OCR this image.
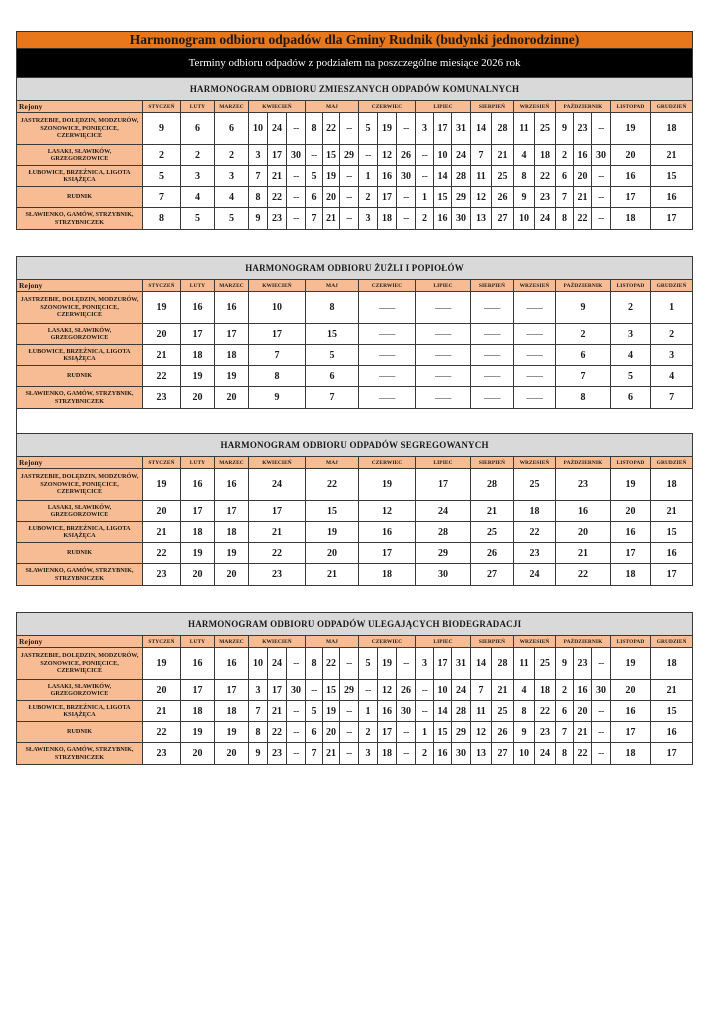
Harmonogram odbioru odpadów dla Gminy Rudnik (budynki jednorodzinne)																								
Terminy odbioru odpadów z podziałem na poszczególne miesiące 2026 rok																								
HARMONOGRAM ODBIORU ZMIESZANYCH ODPADÓW KOMUNALNYCH																								
Rejony	STYCZEŃ	LUTY	MARZEC	KWIECIEŃ			MAJ			CZERWIEC			LIPIEC			SIERPIEŃ		WRZESIEŃ		PAŹDZIERNIK			LISTOPAD	GRUDZIEŃ
JASTRZEBIE, DOLĘDZIN, MODZURÓW, SZONOWICE, PONIĘCICE, CZERWIĘCICE	9	6	6	10	24	--	8	22	--	5	19	--	3	17	31	14	28	11	25	9	23	--	19	18
LASAKI, SŁAWIKÓW, GRZEGORZOWICE	2	2	2	3	17	30	--	15	29	--	12	26	--	10	24	7	21	4	18	2	16	30	20	21
ŁUBOWICE, BRZEŹNICA, LIGOTA KSIĄŻĘCA	5	3	3	7	21	--	5	19	--	1	16	30	--	14	28	11	25	8	22	6	20	--	16	15
RUDNIK	7	4	4	8	22	--	6	20	--	2	17	--	1	15	29	12	26	9	23	7	21	--	17	16
SŁAWIENKO, GAMÓW, STRZYBNIK, STRZYBNICZEK	8	5	5	9	23	--	7	21	--	3	18	--	2	16	30	13	27	10	24	8	22	--	18	17
HARMONOGRAM ODBIORU ŻUŻLI I POPIOŁÓW												
Rejony	STYCZEŃ	LUTY	MARZEC	KWIECIEŃ	MAJ	CZERWIEC	LIPIEC	SIERPIEŃ	WRZESIEŃ	PAŹDZIERNIK	LISTOPAD	GRUDZIEŃ
JASTRZEBIE, DOLĘDZIN, MODZURÓW, SZONOWICE, PONIĘCICE, CZERWIĘCICE	19	16	16	10	8	---------	---------	---------	---------	9	2	1
LASAKI, SŁAWIKÓW, GRZEGORZOWICE	20	17	17	17	15	---------	---------	---------	---------	2	3	2
ŁUBOWICE, BRZEŹNICA, LIGOTA KSIĄŻĘCA	21	18	18	7	5	---------	---------	---------	---------	6	4	3
RUDNIK	22	19	19	8	6	---------	---------	---------	---------	7	5	4
SŁAWIENKO, GAMÓW, STRZYBNIK, STRZYBNICZEK	23	20	20	9	7	---------	---------	---------	---------	8	6	7

HARMONOGRAM ODBIORU ODPADÓW SEGREGOWANYCH												
Rejony	STYCZEŃ	LUTY	MARZEC	KWIECIEŃ	MAJ	CZERWIEC	LIPIEC	SIERPIEŃ	WRZESIEŃ	PAŹDZIERNIK	LISTOPAD	GRUDZIEŃ
JASTRZEBIE, DOLĘDZIN, MODZURÓW, SZONOWICE, PONIĘCICE, CZERWIĘCICE	19	16	16	24	22	19	17	28	25	23	19	18
LASAKI, SŁAWIKÓW, GRZEGORZOWICE	20	17	17	17	15	12	24	21	18	16	20	21
ŁUBOWICE, BRZEŹNICA, LIGOTA KSIĄŻĘCA	21	18	18	21	19	16	28	25	22	20	16	15
RUDNIK	22	19	19	22	20	17	29	26	23	21	17	16
SŁAWIENKO, GAMÓW, STRZYBNIK, STRZYBNICZEK	23	20	20	23	21	18	30	27	24	22	18	17
HARMONOGRAM ODBIORU ODPADÓW ULEGAJĄCYCH BIODEGRADACJI																								
Rejony	STYCZEŃ	LUTY	MARZEC	KWIECIEŃ			MAJ			CZERWIEC			LIPIEC			SIERPIEŃ		WRZESIEŃ		PAŹDZIERNIK			LISTOPAD	GRUDZIEŃ
JASTRZEBIE, DOLĘDZIN, MODZURÓW, SZONOWICE, PONIĘCICE, CZERWIĘCICE	19	16	16	10	24	--	8	22	--	5	19	--	3	17	31	14	28	11	25	9	23	--	19	18
LASAKI, SŁAWIKÓW, GRZEGORZOWICE	20	17	17	3	17	30	--	15	29	--	12	26	--	10	24	7	21	4	18	2	16	30	20	21
ŁUBOWICE, BRZEŹNICA, LIGOTA KSIĄŻĘCA	21	18	18	7	21	--	5	19	--	1	16	30	--	14	28	11	25	8	22	6	20	--	16	15
RUDNIK	22	19	19	8	22	--	6	20	--	2	17	--	1	15	29	12	26	9	23	7	21	--	17	16
SŁAWIENKO, GAMÓW, STRZYBNIK, STRZYBNICZEK	23	20	20	9	23	--	7	21	--	3	18	--	2	16	30	13	27	10	24	8	22	--	18	17
